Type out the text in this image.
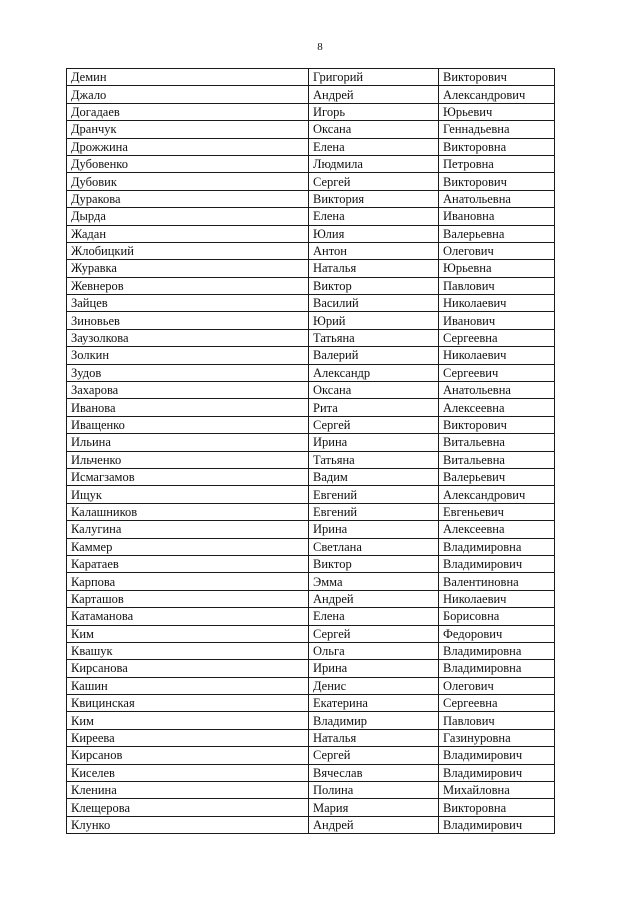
8
Демин	Григорий	Викторович
Джало	Андрей	Александрович
Догадаев	Игорь	Юрьевич
Дранчук	Оксана	Геннадьевна
Дрожжина	Елена	Викторовна
Дубовенко	Людмила	Петровна
Дубовик	Сергей	Викторович
Дуракова	Виктория	Анатольевна
Дырда	Елена	Ивановна
Жадан	Юлия	Валерьевна
Жлобицкий	Антон	Олегович
Журавка	Наталья	Юрьевна
Жевнеров	Виктор	Павлович
Зайцев	Василий	Николаевич
Зиновьев	Юрий	Иванович
Заузолкова	Татьяна	Сергеевна
Золкин	Валерий	Николаевич
Зудов	Александр	Сергеевич
Захарова	Оксана	Анатольевна
Иванова	Рита	Алексеевна
Иващенко	Сергей	Викторович
Ильина	Ирина	Витальевна
Ильченко	Татьяна	Витальевна
Исмагзамов	Вадим	Валерьевич
Ищук	Евгений	Александрович
Калашников	Евгений	Евгеньевич
Калугина	Ирина	Алексеевна
Каммер	Светлана	Владимировна
Каратаев	Виктор	Владимирович
Карпова	Эмма	Валентиновна
Карташов	Андрей	Николаевич
Катаманова	Елена	Борисовна
Ким	Сергей	Федорович
Квашук	Ольга	Владимировна
Кирсанова	Ирина	Владимировна
Кашин	Денис	Олегович
Квицинская	Екатерина	Сергеевна
Ким	Владимир	Павлович
Киреева	Наталья	Газинуровна
Кирсанов	Сергей	Владимирович
Киселев	Вячеслав	Владимирович
Кленина	Полина	Михайловна
Клещерова	Мария	Викторовна
Клунко	Андрей	Владимирович
